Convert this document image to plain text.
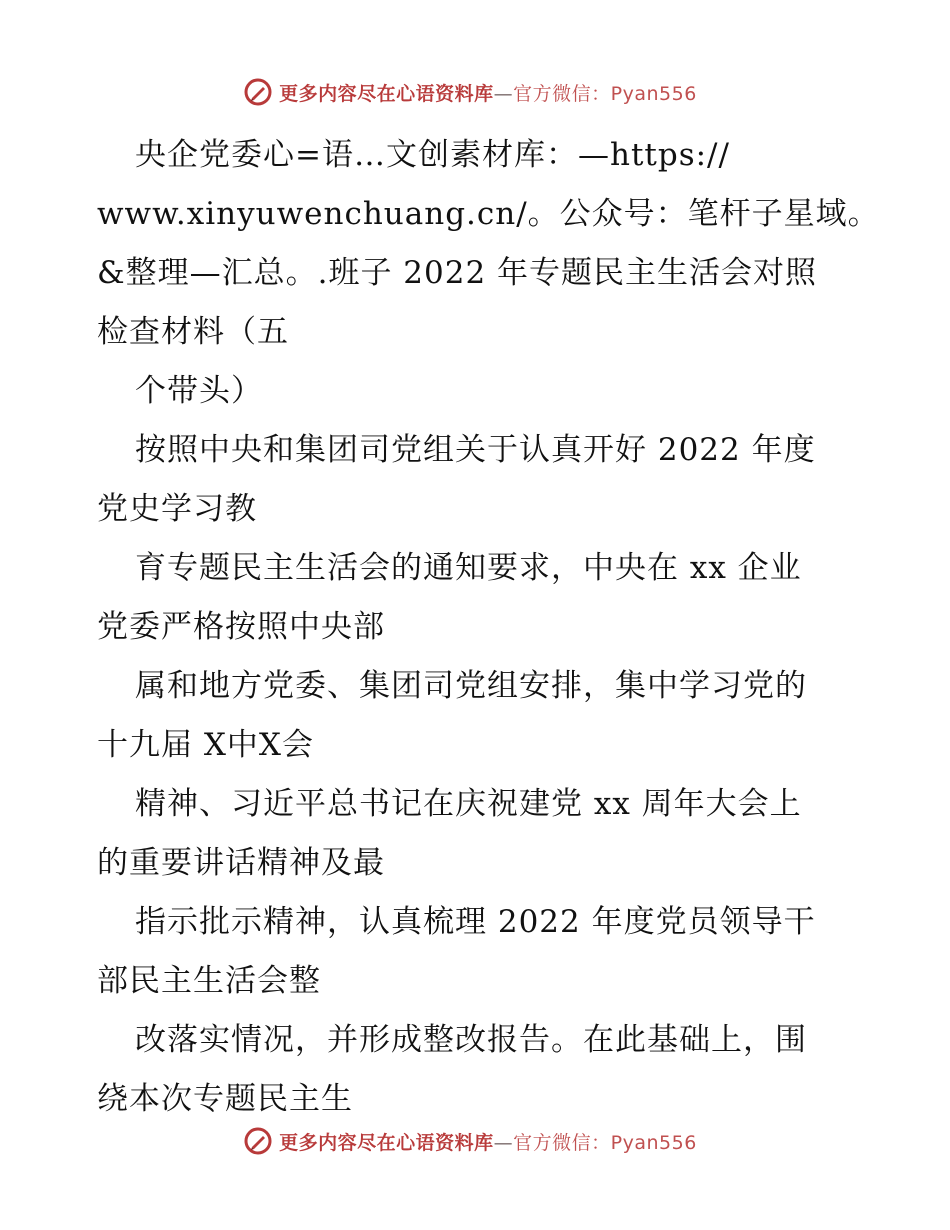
更多内容尽在心语资料库—官方微信：Pyan556
央企党委心=语…文创素材库：—https://
www.xinyuwenchuang.cn/。公众号：笔杆子星域。
&整理—汇总。.班子 2022 年专题民主生活会对照
检查材料（五
个带头）
按照中央和集团司党组关于认真开好 2022 年度
党史学习教
育专题民主生活会的通知要求，中央在 xx 企业
党委严格按照中央部
属和地方党委、集团司党组安排，集中学习党的
十九届 X中X会
精神、习近平总书记在庆祝建党 xx 周年大会上
的重要讲话精神及最
指示批示精神，认真梳理 2022 年度党员领导干
部民主生活会整
改落实情况，并形成整改报告。在此基础上，围
绕本次专题民主生
更多内容尽在心语资料库—官方微信：Pyan556
